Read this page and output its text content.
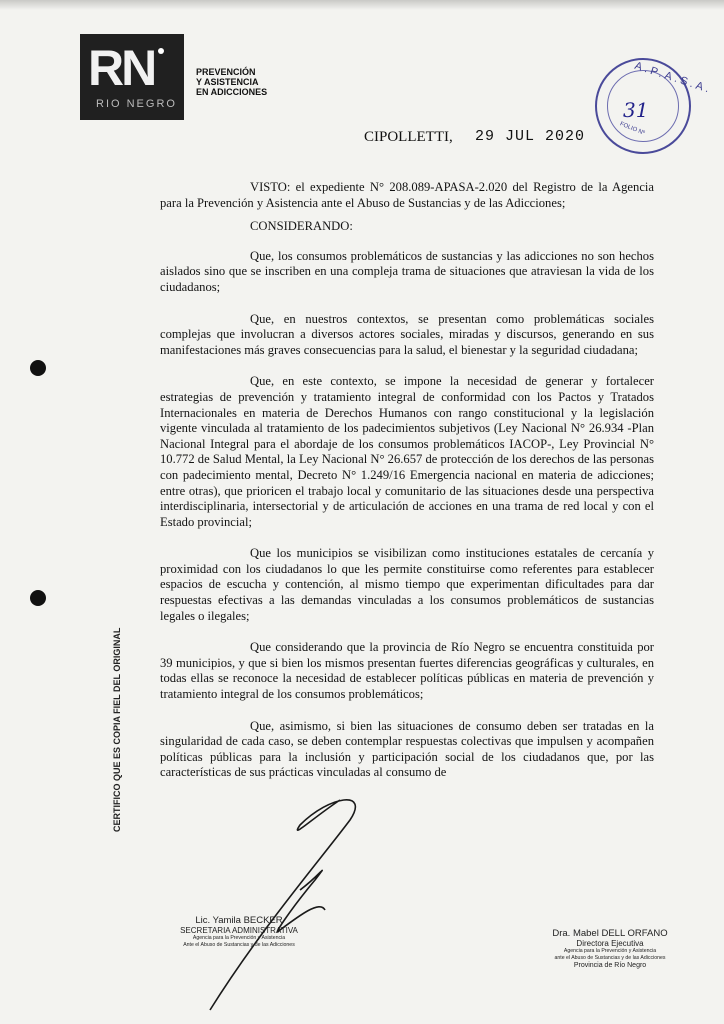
RN
RIO NEGRO
PREVENCIÓN
Y ASISTENCIA
EN ADICCIONES	A.P.A.S.A.
31
FOLIO Nº
CIPOLLETTI, 29 JUL 2020
CERTIFICO QUE ES COPIA FIEL DEL ORIGINAL

VISTO: el expediente N° 208.089-APASA-2.020 del Registro de la Agencia para la Prevención y Asistencia ante el Abuso de Sustancias y de las Adicciones;

CONSIDERANDO:

Que, los consumos problemáticos de sustancias y las adicciones no son hechos aislados sino que se inscriben en una compleja trama de situaciones que atraviesan la vida de los ciudadanos;

Que, en nuestros contextos, se presentan como problemáticas sociales complejas que involucran a diversos actores sociales, miradas y discursos, generando en sus manifestaciones más graves consecuencias para la salud, el bienestar y la seguridad ciudadana;

Que, en este contexto, se impone la necesidad de generar y fortalecer estrategias de prevención y tratamiento integral de conformidad con los Pactos y Tratados Internacionales en materia de Derechos Humanos con rango constitucional y la legislación vigente vinculada al tratamiento de los padecimientos subjetivos (Ley Nacional N° 26.934 -Plan Nacional Integral para el abordaje de los consumos problemáticos IACOP-, Ley Provincial N° 10.772 de Salud Mental, la Ley Nacional N° 26.657 de protección de los derechos de las personas con padecimiento mental, Decreto N° 1.249/16 Emergencia nacional en materia de adicciones; entre otras), que prioricen el trabajo local y comunitario de las situaciones desde una perspectiva interdisciplinaria, intersectorial y de articulación de acciones en una trama de red local y con el Estado provincial;

Que los municipios se visibilizan como instituciones estatales de cercanía y proximidad con los ciudadanos lo que les permite constituirse como referentes para establecer espacios de escucha y contención, al mismo tiempo que experimentan dificultades para dar respuestas efectivas a las demandas vinculadas a los consumos problemáticos de sustancias legales o ilegales;

Que considerando que la provincia de Río Negro se encuentra constituida por 39 municipios, y que si bien los mismos presentan fuertes diferencias geográficas y culturales, en todas ellas se reconoce la necesidad de establecer políticas públicas en materia de prevención y tratamiento integral de los consumos problemáticos;

Que, asimismo, si bien las situaciones de consumo deben ser tratadas en la singularidad de cada caso, se deben contemplar respuestas colectivas que impulsen y acompañen políticas públicas para la inclusión y participación social de los ciudadanos que, por las características de sus prácticas vinculadas al consumo de

Lic. Yamila BECKER
SECRETARIA ADMINISTRATIVA
Agencia para la Prevención y Asistencia
Ante el Abuso de Sustancias y de las Adicciones
Dra. Mabel DELL ORFANO
Directora Ejecutiva
Agencia para la Prevención y Asistencia
ante el Abuso de Sustancias y de las Adicciones
Provincia de Río Negro
